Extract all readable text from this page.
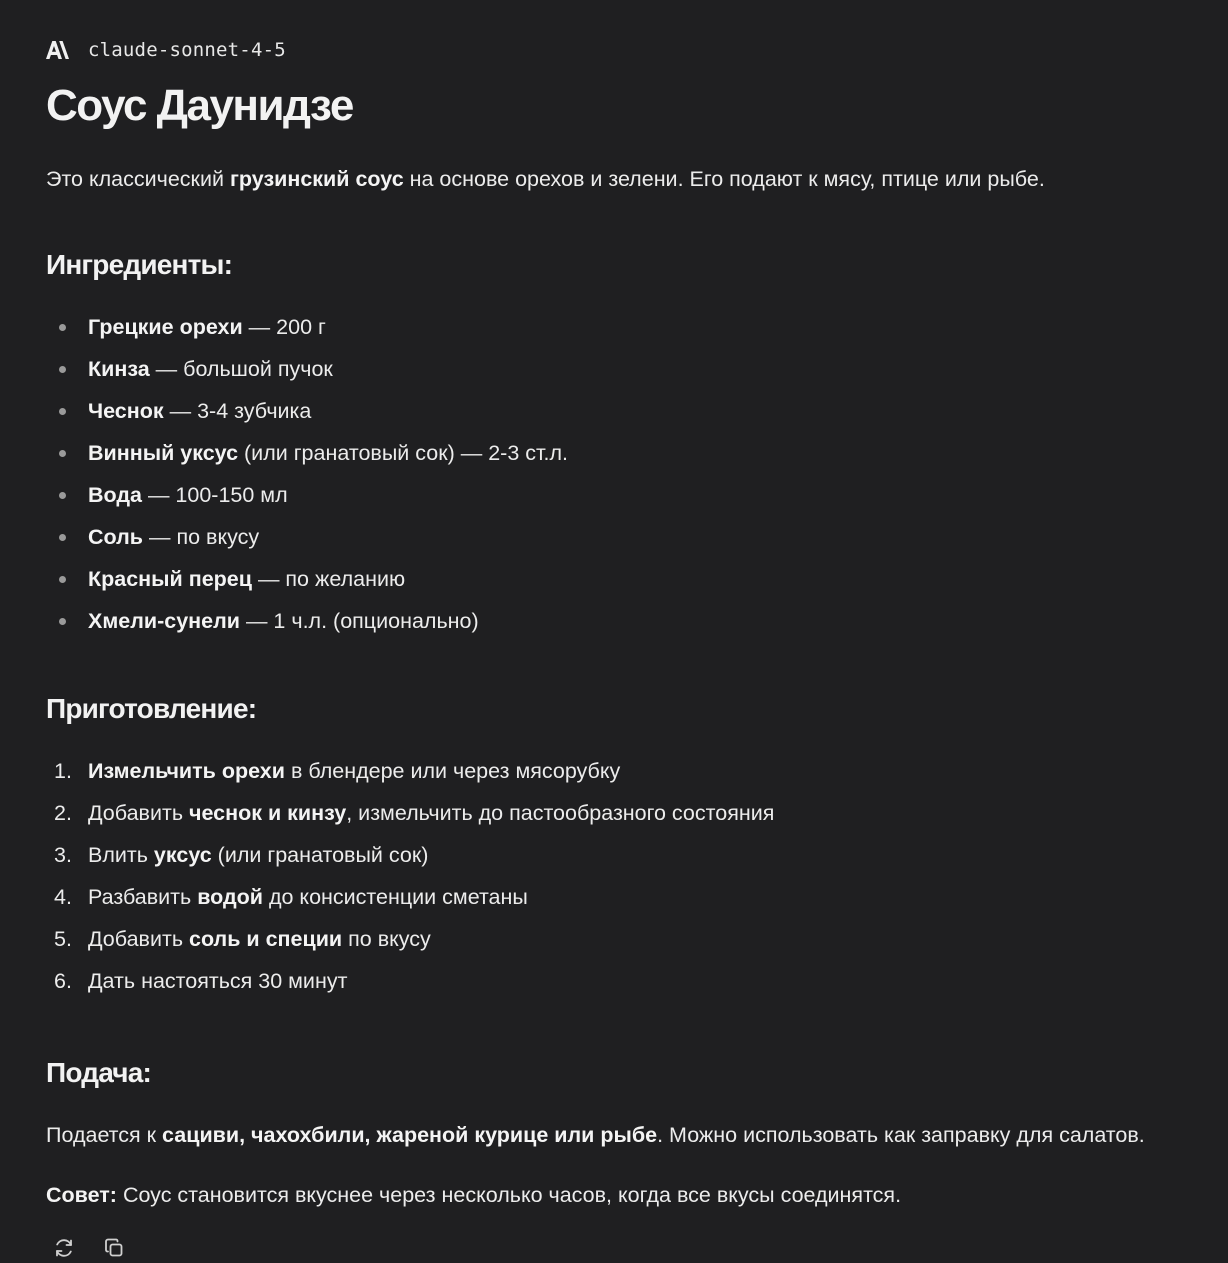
claude-sonnet-4-5
Соус Даунидзе

Это классический грузинский соус на основе орехов и зелени. Его подают к мясу, птице или рыбе.

Ингредиенты:
Грецкие орехи — 200 г
Кинза — большой пучок
Чеснок — 3-4 зубчика
Винный уксус (или гранатовый сок) — 2-3 ст.л.
Вода — 100-150 мл
Соль — по вкусу
Красный перец — по желанию
Хмели-сунели — 1 ч.л. (опционально)
Приготовление:
1. Измельчить орехи в блендере или через мясорубку
2. Добавить чеснок и кинзу, измельчить до пастообразного состояния
3. Влить уксус (или гранатовый сок)
4. Разбавить водой до консистенции сметаны
5. Добавить соль и специи по вкусу
6. Дать настояться 30 минут
Подача:

Подается к сациви, чахохбили, жареной курице или рыбе. Можно использовать как заправку для салатов.

Совет: Соус становится вкуснее через несколько часов, когда все вкусы соединятся.
